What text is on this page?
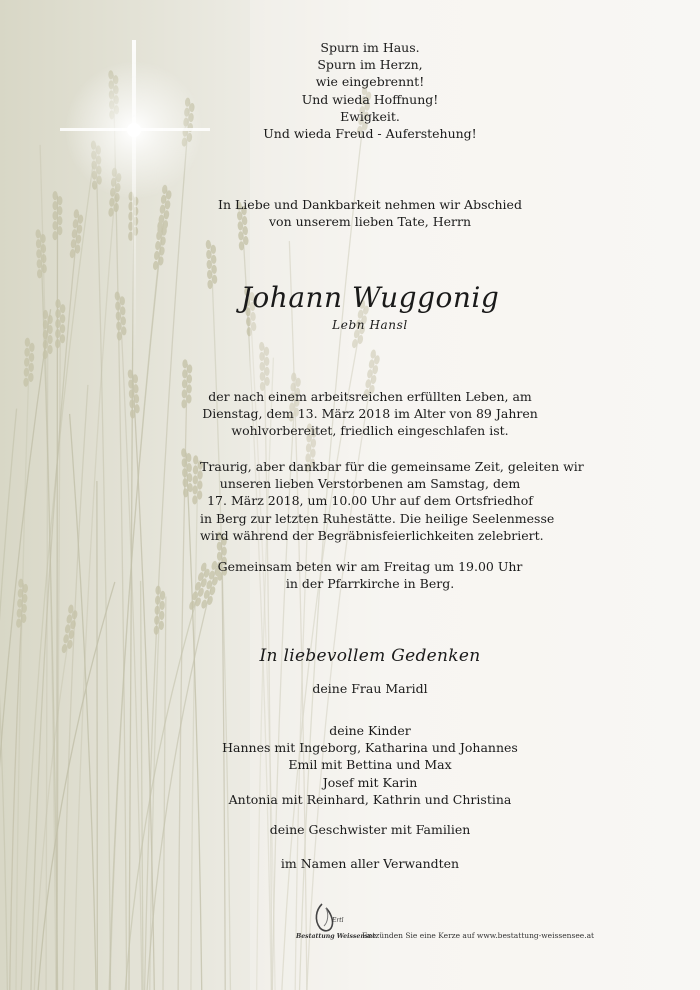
Spurn im Haus.
Spurn im Herzn,
wie eingebrennt!
Und wieda Hoffnung!
Ewigkeit.
Und wieda Freud - Auferstehung!
In Liebe und Dankbarkeit nehmen wir Abschied
von unserem lieben Tate, Herrn
Johann Wuggonig
Lebn Hansl
der nach einem arbeitsreichen erfüllten Leben, am
Dienstag, dem 13. März 2018 im Alter von 89 Jahren
wohlvorbereitet, friedlich eingeschlafen ist.
Traurig, aber dankbar für die gemeinsame Zeit, geleiten wir
unseren lieben Verstorbenen am Samstag, dem
17. März 2018, um 10.00 Uhr auf dem Ortsfriedhof
in Berg zur letzten Ruhestätte. Die heilige Seelenmesse
wird während der Begräbnisfeierlichkeiten zelebriert.
Gemeinsam beten wir am Freitag um 19.00 Uhr
in der Pfarrkirche in Berg.
In liebevollem Gedenken
deine Frau Maridl
deine Kinder
Hannes mit Ingeborg, Katharina und Johannes
Emil mit Bettina und Max
Josef mit Karin
Antonia mit Reinhard, Kathrin und Christina
deine Geschwister mit Familien
im Namen aller Verwandten
Ertl
Bestattung Weissensee
Entzünden Sie eine Kerze auf www.bestattung-weissensee.at
